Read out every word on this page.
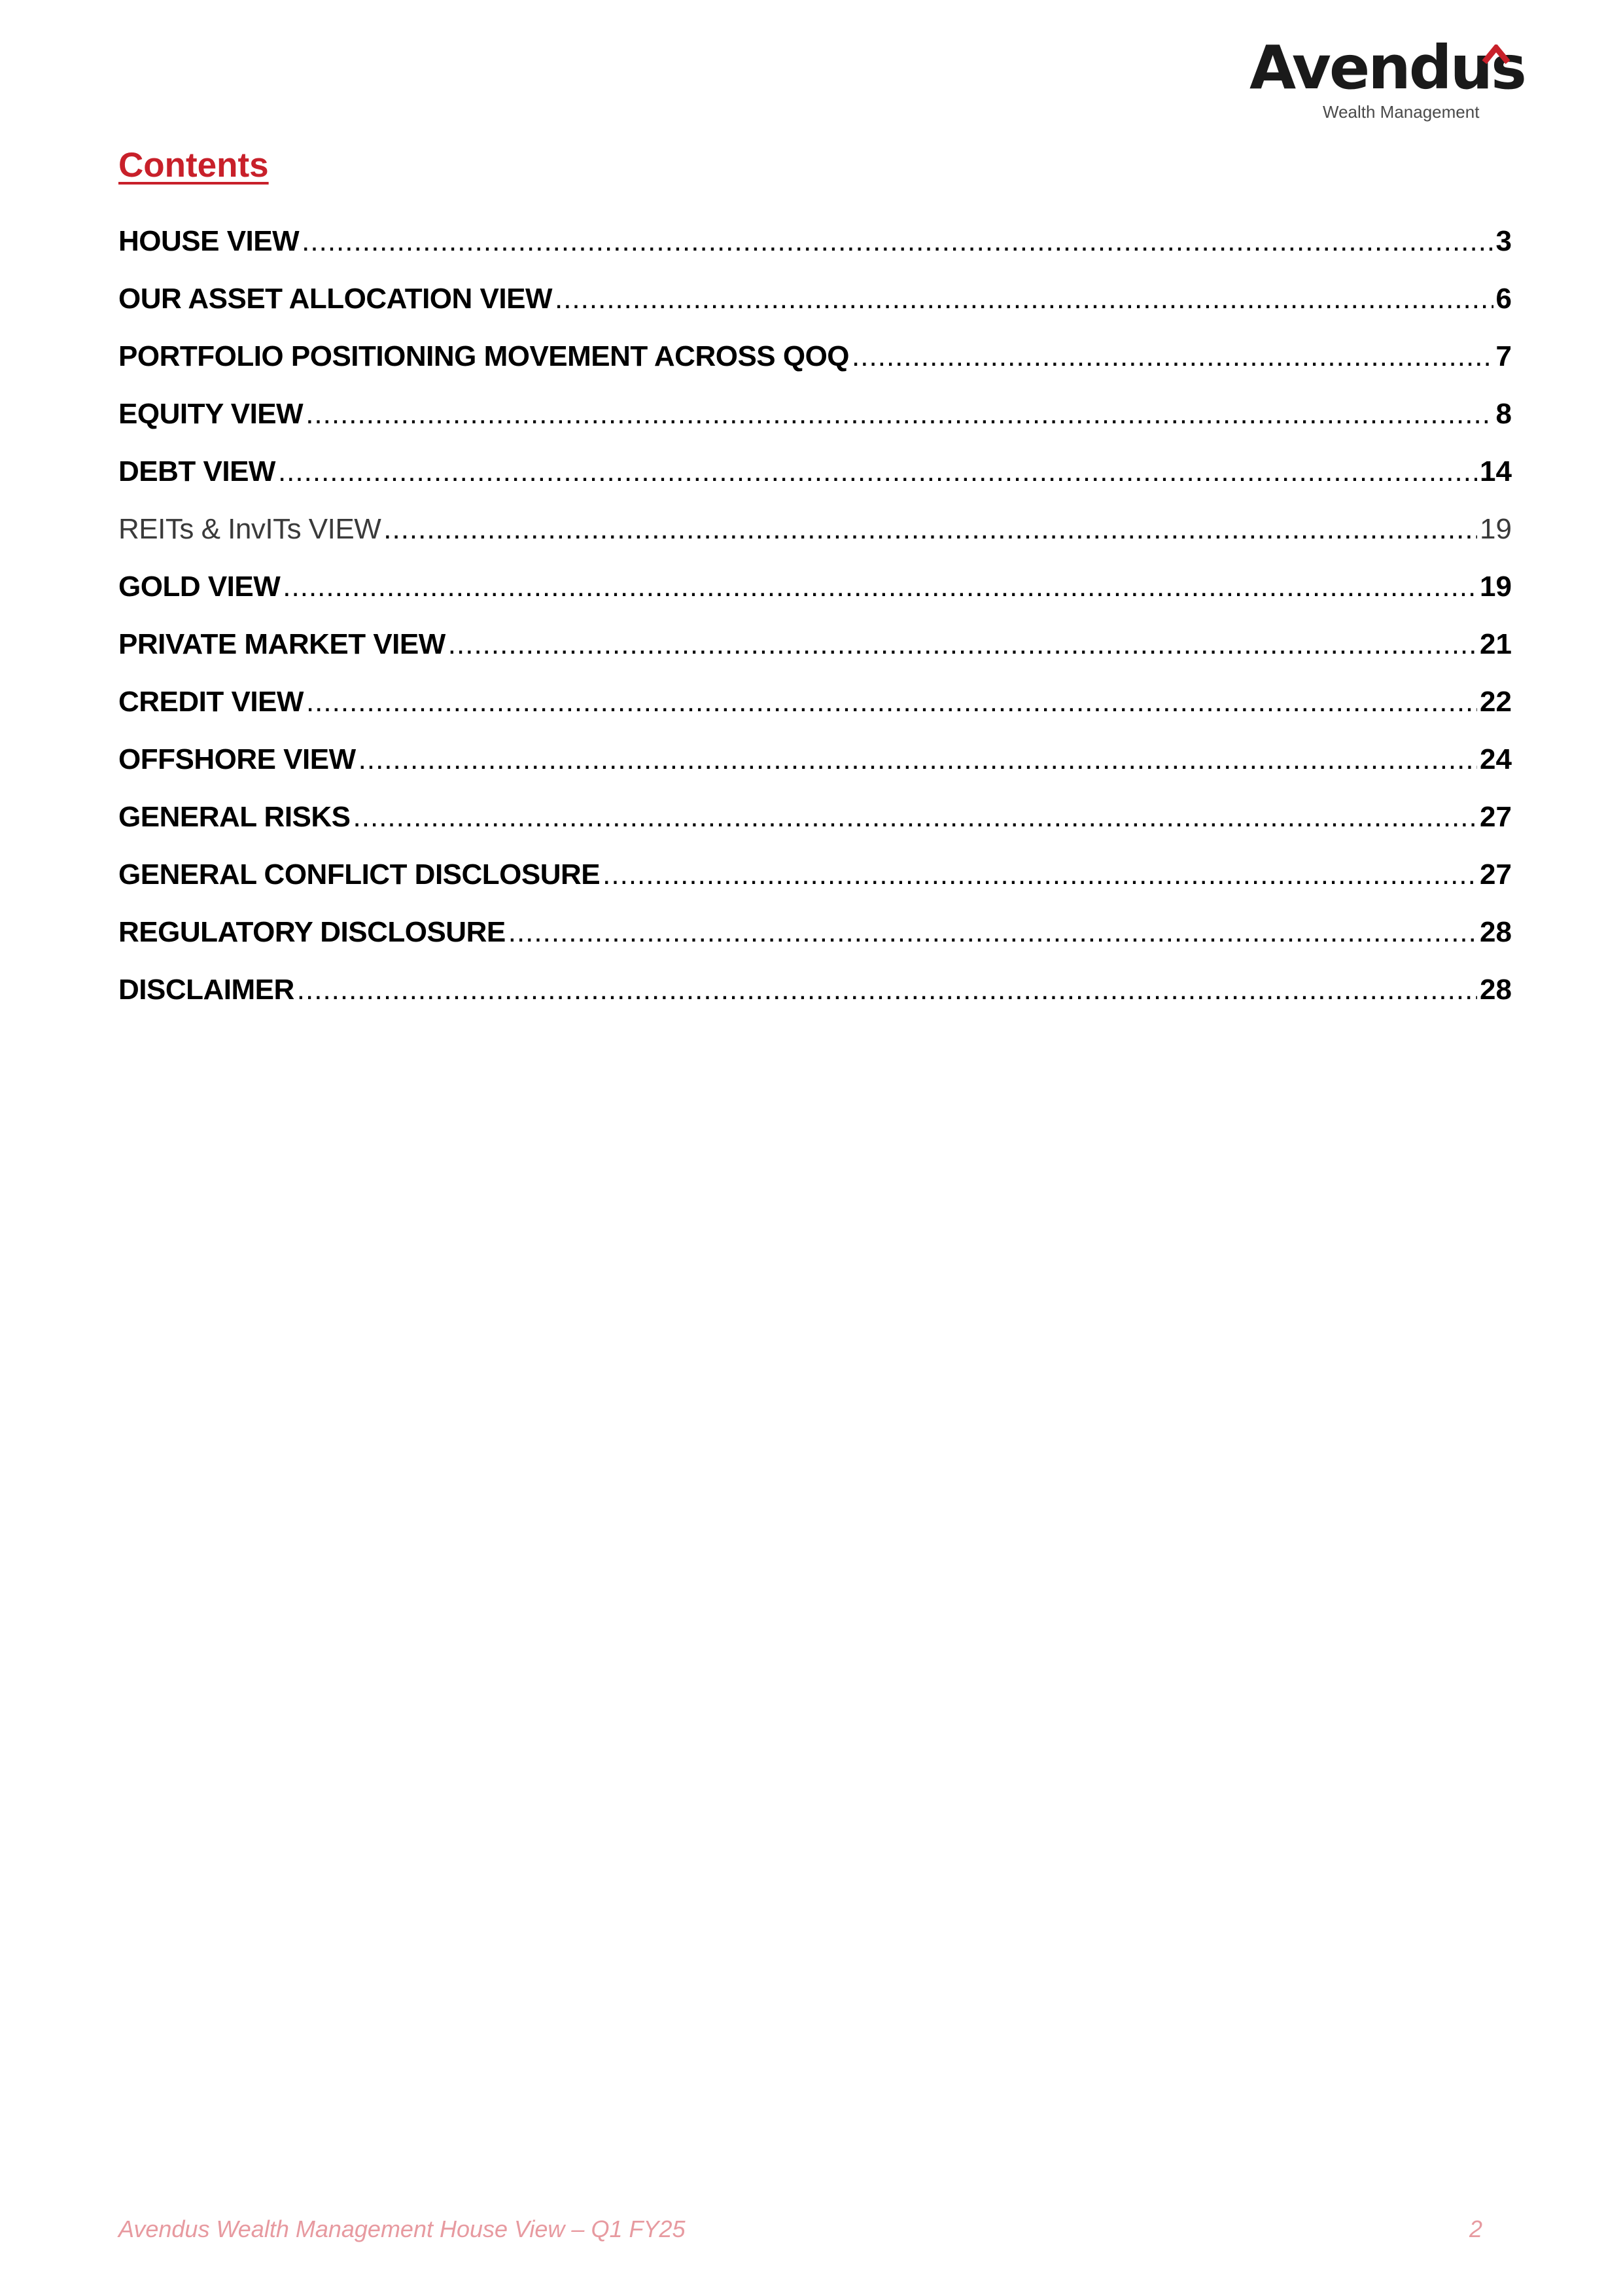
Avendus
Wealth Management
Contents
HOUSE VIEW .....	3
OUR ASSET ALLOCATION VIEW .....	6
PORTFOLIO POSITIONING MOVEMENT ACROSS QOQ .....	7
EQUITY VIEW .....	8
DEBT VIEW .....	14
REITs & InvITs VIEW .....	19
GOLD VIEW .....	19
PRIVATE MARKET VIEW .....	21
CREDIT VIEW .....	22
OFFSHORE VIEW .....	24
GENERAL RISKS .....	27
GENERAL CONFLICT DISCLOSURE .....	27
REGULATORY DISCLOSURE .....	28
DISCLAIMER .....	28
Avendus Wealth Management House View – Q1 FY25	2
